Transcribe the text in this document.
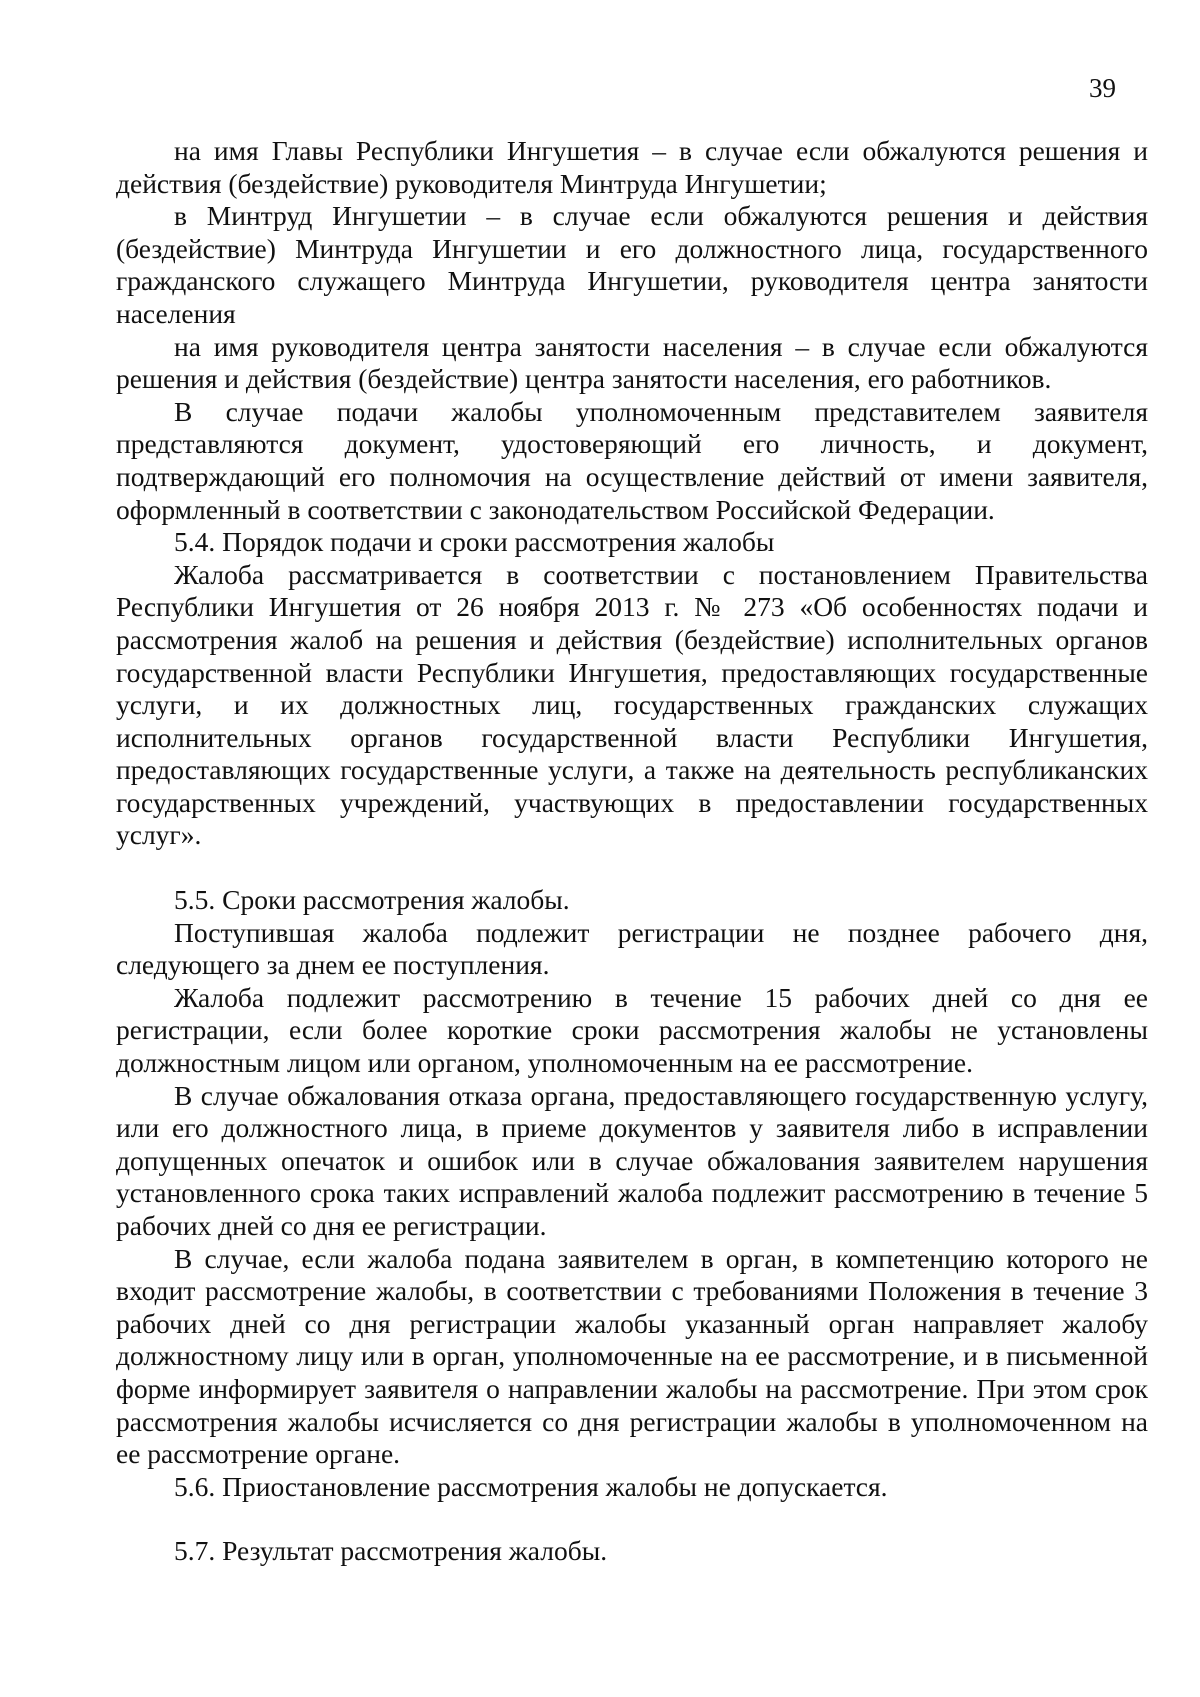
39

на имя Главы Республики Ингушетия – в случае если обжалуются решения и действия (бездействие) руководителя Минтруда Ингушетии;

в Минтруд Ингушетии – в случае если обжалуются решения и действия (бездействие) Минтруда Ингушетии и его должностного лица, государственного гражданского служащего Минтруда Ингушетии, руководителя центра занятости населения

на имя руководителя центра занятости населения – в случае если обжалуются решения и действия (бездействие) центра занятости населения, его работников.

В случае подачи жалобы уполномоченным представителем заявителя представляются документ, удостоверяющий его личность, и документ, подтверждающий его полномочия на осуществление действий от имени заявителя, оформленный в соответствии с законодательством Российской Федерации.

5.4. Порядок подачи и сроки рассмотрения жалобы

Жалоба рассматривается в соответствии с постановлением Правительства Республики Ингушетия от 26 ноября 2013 г. № 273 «Об особенностях подачи и рассмотрения жалоб на решения и действия (бездействие) исполнительных органов государственной власти Республики Ингушетия, предоставляющих государственные услуги, и их должностных лиц, государственных гражданских служащих исполнительных органов государственной власти Республики Ингушетия, предоставляющих государственные услуги, а также на деятельность республиканских государственных учреждений, участвующих в предоставлении государственных услуг».

5.5. Сроки рассмотрения жалобы.

Поступившая жалоба подлежит регистрации не позднее рабочего дня, следующего за днем ее поступления.

Жалоба подлежит рассмотрению в течение 15 рабочих дней со дня ее регистрации, если более короткие сроки рассмотрения жалобы не установлены должностным лицом или органом, уполномоченным на ее рассмотрение.

В случае обжалования отказа органа, предоставляющего государственную услугу, или его должностного лица, в приеме документов у заявителя либо в исправлении допущенных опечаток и ошибок или в случае обжалования заявителем нарушения установленного срока таких исправлений жалоба подлежит рассмотрению в течение 5 рабочих дней со дня ее регистрации.

В случае, если жалоба подана заявителем в орган, в компетенцию которого не входит рассмотрение жалобы, в соответствии с требованиями Положения в течение 3 рабочих дней со дня регистрации жалобы указанный орган направляет жалобу должностному лицу или в орган, уполномоченные на ее рассмотрение, и в письменной форме информирует заявителя о направлении жалобы на рассмотрение. При этом срок рассмотрения жалобы исчисляется со дня регистрации жалобы в уполномоченном на ее рассмотрение органе.

5.6. Приостановление рассмотрения жалобы не допускается.

5.7. Результат рассмотрения жалобы.
